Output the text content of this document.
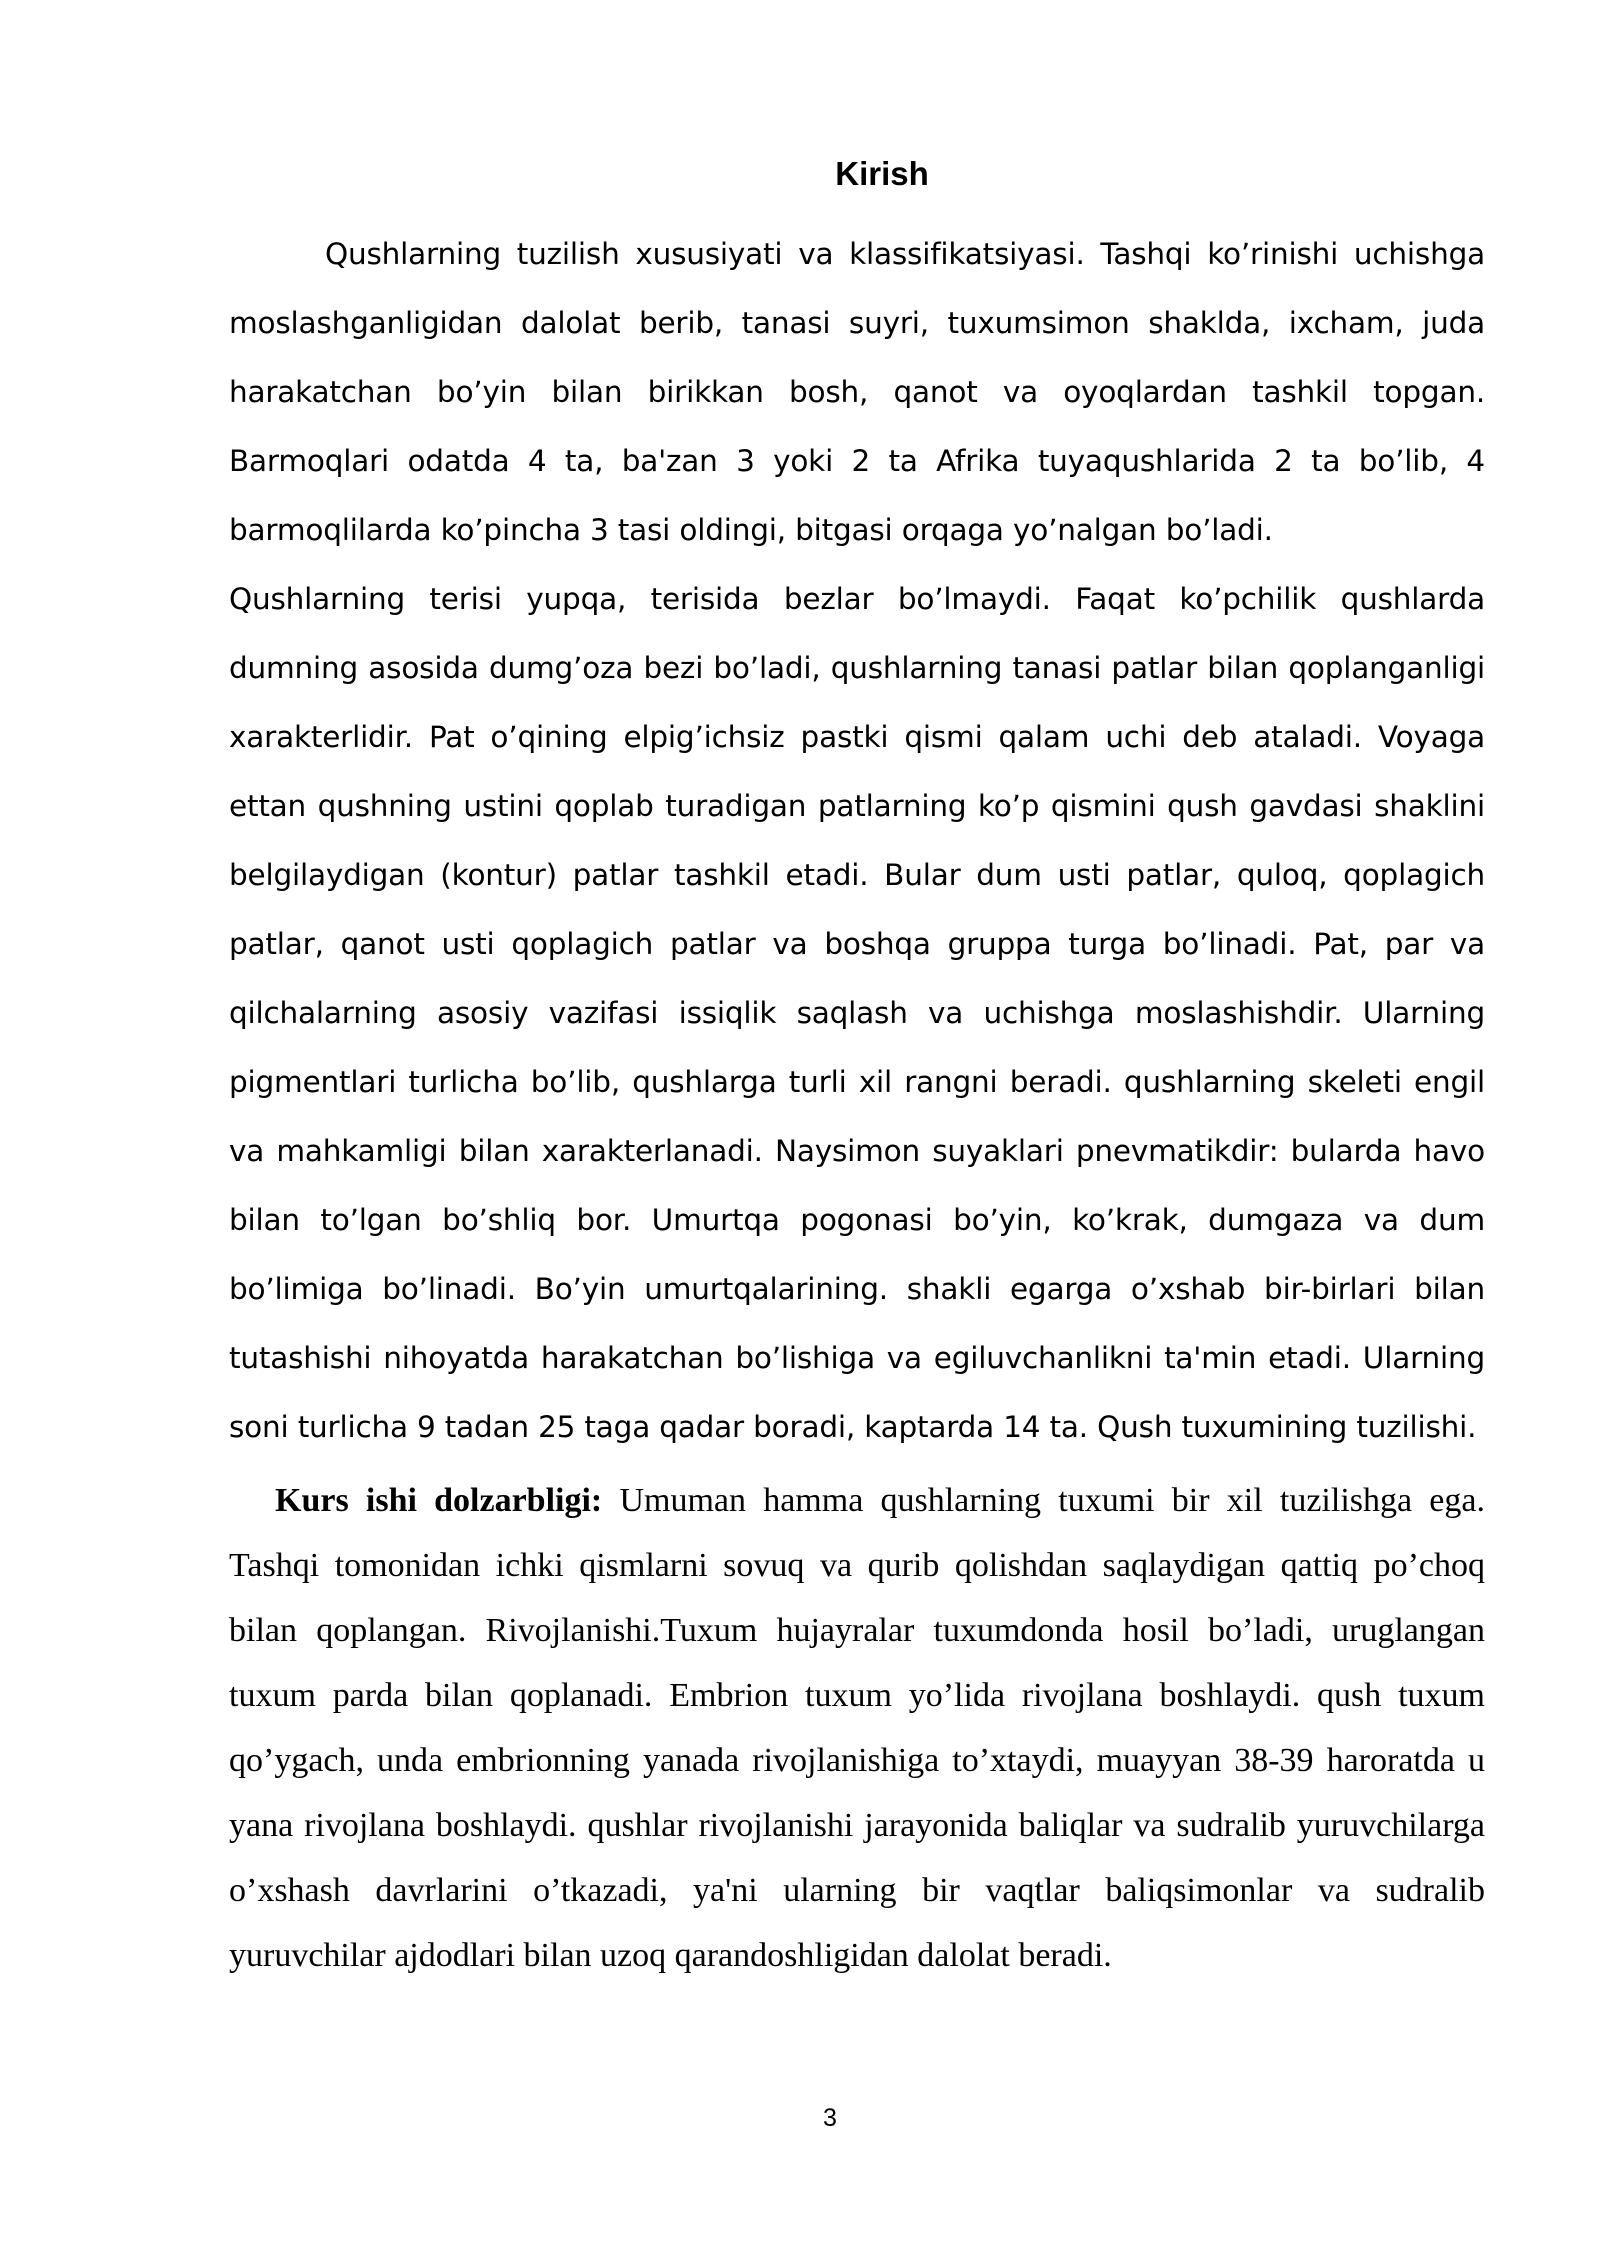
Kirish

Qushlarning tuzilish xususiyati va klassifikatsiyasi. Tashqi ko’rinishi uchishga moslashganligidan dalolat berib, tanasi suyri, tuxumsimon shaklda, ixcham, juda harakatchan bo’yin bilan birikkan bosh, qanot va oyoqlardan tashkil topgan. Barmoqlari odatda 4 ta, ba'zan 3 yoki 2 ta Afrika tuyaqushlarida 2 ta bo’lib, 4 barmoqlilarda ko’pincha 3 tasi oldingi, bitgasi orqaga yo’nalgan bo’ladi.

Qushlarning terisi yupqa, terisida bezlar bo’lmaydi. Faqat ko’pchilik qushlarda dumning asosida dumg’oza bezi bo’ladi, qushlarning tanasi patlar bilan qoplanganligi xarakterlidir. Pat o’qining elpig’ichsiz pastki qismi qalam uchi deb ataladi. Voyaga ettan qushning ustini qoplab turadigan patlarning ko’p qismini qush gavdasi shaklini belgilaydigan (kontur) patlar tashkil etadi. Bular dum usti patlar, quloq, qoplagich patlar, qanot usti qoplagich patlar va boshqa gruppa turga bo’linadi. Pat, par va qilchalarning asosiy vazifasi issiqlik saqlash va uchishga moslashishdir. Ularning pigmentlari turlicha bo’lib, qushlarga turli xil rangni beradi. qushlarning skeleti engil va mahkamligi bilan xarakterlanadi. Naysimon suyaklari pnevmatikdir: bularda havo bilan to’lgan bo’shliq bor. Umurtqa pogonasi bo’yin, ko’krak, dumgaza va dum bo’limiga bo’linadi. Bo’yin umurtqalarining. shakli egarga o’xshab bir-birlari bilan tutashishi nihoyatda harakatchan bo’lishiga va egiluvchanlikni ta'min etadi. Ularning soni turlicha 9 tadan 25 taga qadar boradi, kaptarda 14 ta. Qush tuxumining tuzilishi.

Kurs ishi dolzarbligi: Umuman hamma qushlarning tuxumi bir xil tuzilishga ega. Tashqi tomonidan ichki qismlarni sovuq va qurib qolishdan saqlaydigan qattiq po’choq bilan qoplangan. Rivojlanishi.Tuxum hujayralar tuxumdonda hosil bo’ladi, uruglangan tuxum parda bilan qoplanadi. Embrion tuxum yo’lida rivojlana boshlaydi. qush tuxum qo’ygach, unda embrionning yanada rivojlanishiga to’xtaydi, muayyan 38-39 haroratda u yana rivojlana boshlaydi. qushlar rivojlanishi jarayonida baliqlar va sudralib yuruvchilarga o’xshash davrlarini o’tkazadi, ya'ni ularning bir vaqtlar baliqsimonlar va sudralib yuruvchilar ajdodlari bilan uzoq qarandoshligidan dalolat beradi.

3
